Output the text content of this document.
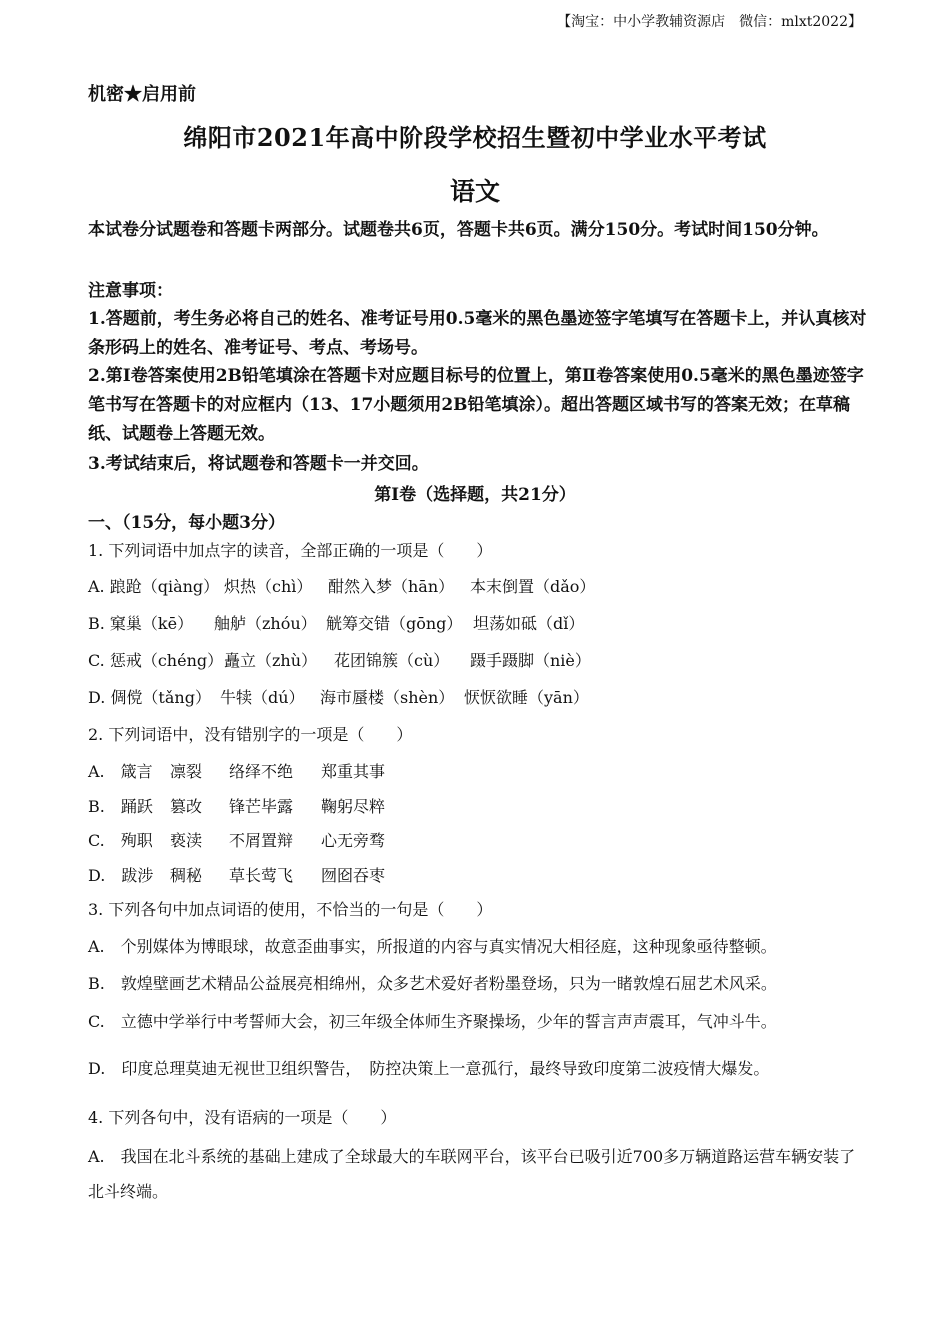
【淘宝：中小学教辅资源店　微信：mlxt2022】
机密★启用前
绵阳市2021年高中阶段学校招生暨初中学业水平考试
语文
本试卷分试题卷和答题卡两部分。试题卷共6页，答题卡共6页。满分150分。考试时间150分钟。
注意事项：
1.答题前，考生务必将自己的姓名、准考证号用0.5毫米的黑色墨迹签字笔填写在答题卡上，并认真核对条形码上的姓名、准考证号、考点、考场号。
2.第Ⅰ卷答案使用2B铅笔填涂在答题卡对应题目标号的位置上，第Ⅱ卷答案使用0.5毫米的黑色墨迹签字笔书写在答题卡的对应框内（13、17小题须用2B铅笔填涂）。超出答题区域书写的答案无效；在草稿纸、试题卷上答题无效。
3.考试结束后，将试题卷和答题卡一并交回。
第Ⅰ卷（选择题，共21分）
一、（15分，每小题3分）
1. 下列词语中加点字的读音，全部正确的一项是（　　）
A. 踉跄（qiàng） 炽热（chì） 酣然入梦（hān） 本末倒置（dǎo）
B. 窠巢（kē） 舳舻（zhóu） 觥筹交错（gōng） 坦荡如砥（dǐ）
C. 惩戒（chéng） 矗立（zhù） 花团锦簇（cù） 蹑手蹑脚（niè）
D. 倜傥（tǎng） 牛犊（dú） 海市蜃楼（shèn） 恹恹欲睡（yān）
2. 下列词语中，没有错别字的一项是（　　）
A.　箴言 凛裂 络绎不绝 郑重其事
B.　踊跃 篡改 锋芒毕露 鞠躬尽粹
C.　殉职 亵渎 不屑置辩 心无旁骛
D.　跋涉 稠秘 草长莺飞 囫囵吞枣
3. 下列各句中加点词语的使用，不恰当的一句是（　　）
A.　个别媒体为博眼球，故意歪曲事实，所报道的内容与真实情况大相径庭，这种现象亟待整顿。
B.　敦煌壁画艺术精品公益展亮相绵州，众多艺术爱好者粉墨登场，只为一睹敦煌石屈艺术风采。
C.　立德中学举行中考誓师大会，初三年级全体师生齐聚操场，少年的誓言声声震耳，气冲斗牛。
D.　印度总理莫迪无视世卫组织警告，　防控决策上一意孤行，最终导致印度第二波疫情大爆发。
4. 下列各句中，没有语病的一项是（　　）
A.　我国在北斗系统的基础上建成了全球最大的车联网平台，该平台已吸引近700多万辆道路运营车辆安装了北斗终端。
